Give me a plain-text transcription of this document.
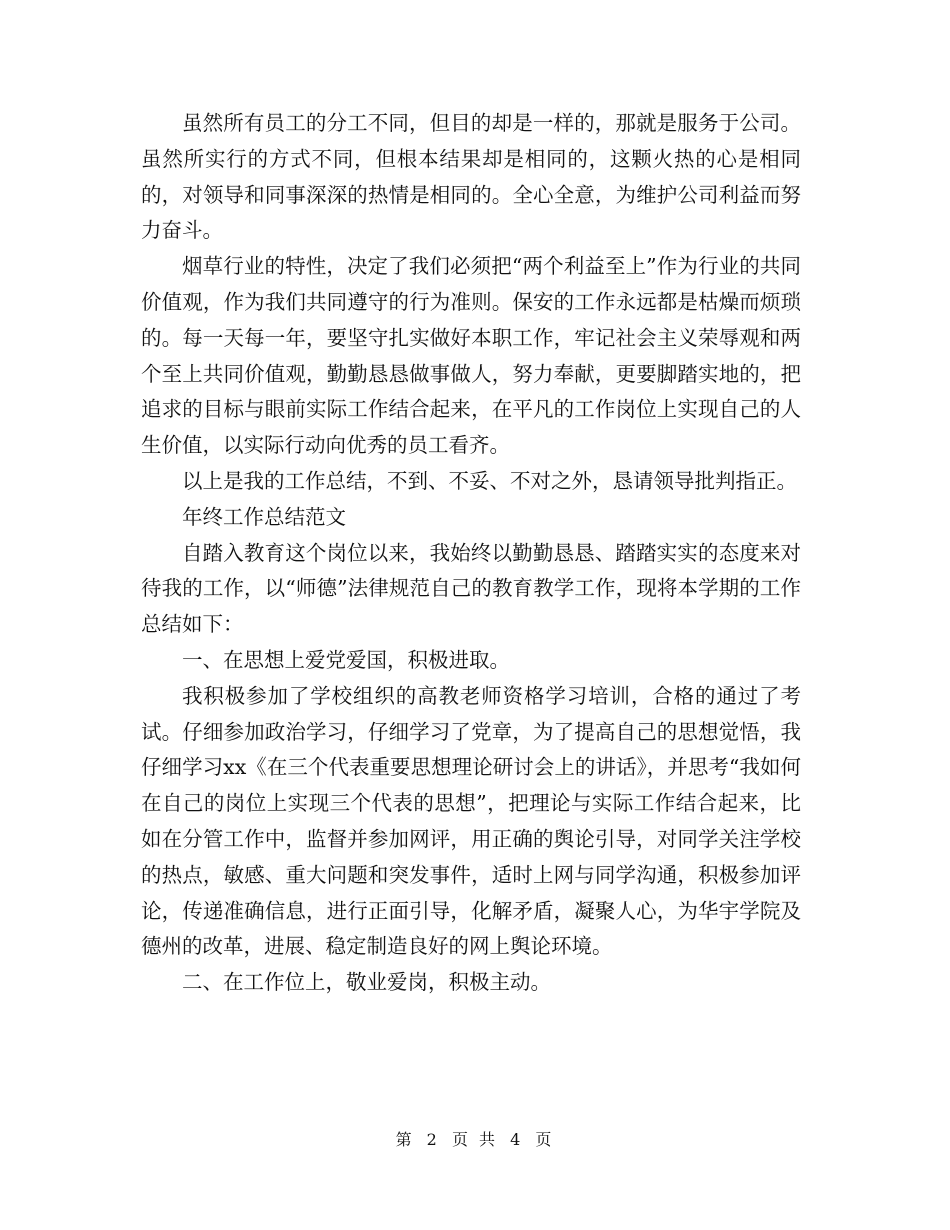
虽然所有员工的分工不同，但目的却是一样的，那就是服务于公司。虽然所实行的方式不同，但根本结果却是相同的，这颗火热的心是相同的，对领导和同事深深的热情是相同的。全心全意，为维护公司利益而努力奋斗。

烟草行业的特性，决定了我们必须把“两个利益至上”作为行业的共同价值观，作为我们共同遵守的行为准则。保安的工作永远都是枯燥而烦琐的。每一天每一年，要坚守扎实做好本职工作，牢记社会主义荣辱观和两个至上共同价值观，勤勤恳恳做事做人，努力奉献，更要脚踏实地的，把追求的目标与眼前实际工作结合起来，在平凡的工作岗位上实现自己的人生价值，以实际行动向优秀的员工看齐。

以上是我的工作总结，不到、不妥、不对之外，恳请领导批判指正。

年终工作总结范文

自踏入教育这个岗位以来，我始终以勤勤恳恳、踏踏实实的态度来对待我的工作，以“师德”法律规范自己的教育教学工作，现将本学期的工作总结如下：

一、在思想上爱党爱国，积极进取。

我积极参加了学校组织的高教老师资格学习培训，合格的通过了考试。仔细参加政治学习，仔细学习了党章，为了提高自己的思想觉悟，我仔细学习xx《在三个代表重要思想理论研讨会上的讲话》，并思考“我如何在自己的岗位上实现三个代表的思想”，把理论与实际工作结合起来，比如在分管工作中，监督并参加网评，用正确的舆论引导，对同学关注学校的热点，敏感、重大问题和突发事件，适时上网与同学沟通，积极参加评论，传递准确信息，进行正面引导，化解矛盾，凝聚人心，为华宇学院及德州的改革，进展、稳定制造良好的网上舆论环境。

二、在工作位上，敬业爱岗，积极主动。

第 2 页 共 4 页
